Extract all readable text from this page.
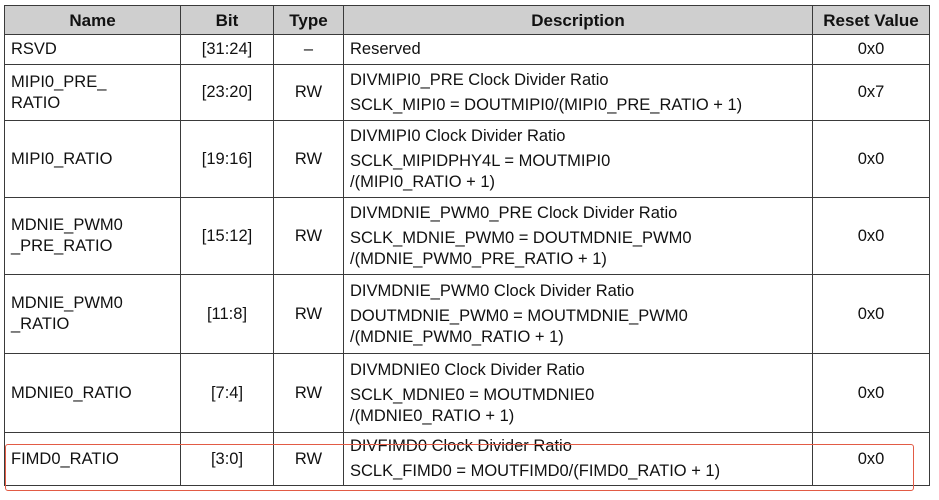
Name	Bit	Type	Description	Reset Value

RSVD	[31:24]	–	Reserved	0x0

MIPI0_PRE_
RATIO	[23:20]	RW	DIVMIPI0_PRE Clock Divider Ratio
SCLK_MIPI0 = DOUTMIPI0/(MIPI0_PRE_RATIO + 1)	0x7

MIPI0_RATIO	[19:16]	RW	DIVMIPI0 Clock Divider Ratio
SCLK_MIPIDPHY4L = MOUTMIPI0
/(MIPI0_RATIO + 1)	0x0

MDNIE_PWM0
_PRE_RATIO	[15:12]	RW	DIVMDNIE_PWM0_PRE Clock Divider Ratio
SCLK_MDNIE_PWM0 = DOUTMDNIE_PWM0
/(MDNIE_PWM0_PRE_RATIO + 1)	0x0

MDNIE_PWM0
_RATIO	[11:8]	RW	DIVMDNIE_PWM0 Clock Divider Ratio
DOUTMDNIE_PWM0 = MOUTMDNIE_PWM0
/(MDNIE_PWM0_RATIO + 1)	0x0

MDNIE0_RATIO	[7:4]	RW	DIVMDNIE0 Clock Divider Ratio
SCLK_MDNIE0 = MOUTMDNIE0
/(MDNIE0_RATIO + 1)	0x0

FIMD0_RATIO	[3:0]	RW	DIVFIMD0 Clock Divider Ratio
SCLK_FIMD0 = MOUTFIMD0/(FIMD0_RATIO + 1)	0x0
